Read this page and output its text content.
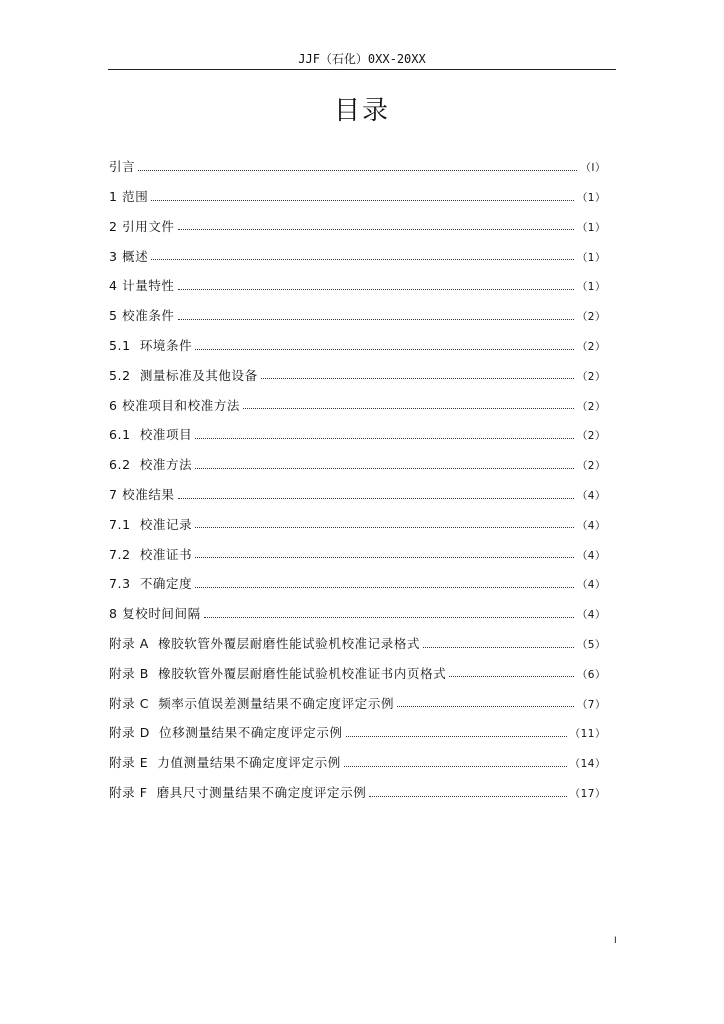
JJF（石化）0XX-20XX
目录
引言	（I）
1 范围	（1）
2 引用文件	（1）
3 概述	（1）
4 计量特性	（1）
5 校准条件	（2）
5.1  环境条件	（2）
5.2  测量标准及其他设备	（2）
6 校准项目和校准方法	（2）
6.1  校准项目	（2）
6.2  校准方法	（2）
7 校准结果	（4）
7.1  校准记录	（4）
7.2  校准证书	（4）
7.3  不确定度	（4）
8 复校时间间隔	（4）
附录 A  橡胶软管外覆层耐磨性能试验机校准记录格式	（5）
附录 B  橡胶软管外覆层耐磨性能试验机校准证书内页格式	（6）
附录 C  频率示值误差测量结果不确定度评定示例	（7）
附录 D  位移测量结果不确定度评定示例	（11）
附录 E  力值测量结果不确定度评定示例	（14）
附录 F  磨具尺寸测量结果不确定度评定示例	（17）
I
